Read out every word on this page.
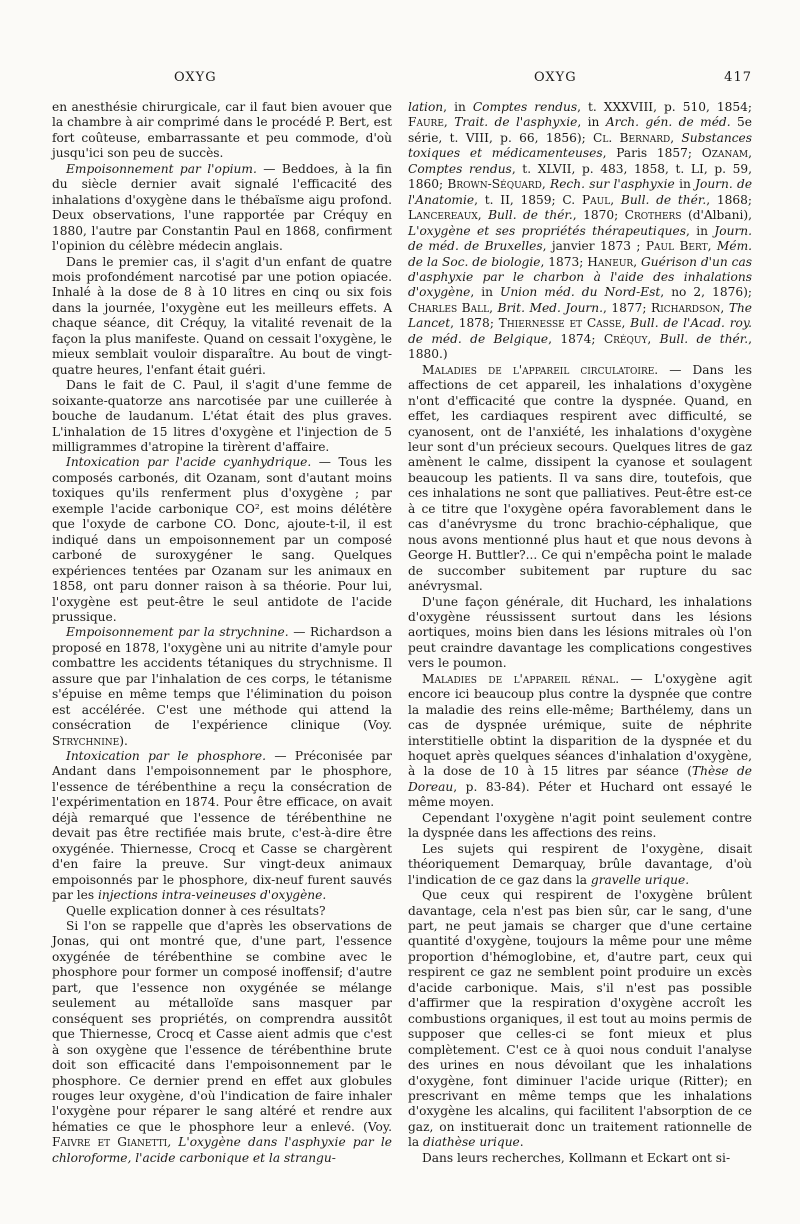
OXYG	OXYG	417

en anesthésie chirurgicale, car il faut bien avouer que la chambre à air comprimé dans le procédé P. Bert, est fort coûteuse, embarrassante et peu commode, d'où jusqu'ici son peu de succès.

Empoisonnement par l'opium. — Beddoes, à la fin du siècle dernier avait signalé l'efficacité des inhalations d'oxygène dans le thébaïsme aigu profond. Deux observations, l'une rapportée par Créquy en 1880, l'autre par Constantin Paul en 1868, confirment l'opinion du célèbre médecin anglais.

Dans le premier cas, il s'agit d'un enfant de quatre mois profondément narcotisé par une potion opiacée. Inhalé à la dose de 8 à 10 litres en cinq ou six fois dans la journée, l'oxygène eut les meilleurs effets. A chaque séance, dit Créquy, la vitalité revenait de la façon la plus manifeste. Quand on cessait l'oxygène, le mieux semblait vouloir disparaître. Au bout de vingt-quatre heures, l'enfant était guéri.

Dans le fait de C. Paul, il s'agit d'une femme de soixante-quatorze ans narcotisée par une cuillerée à bouche de laudanum. L'état était des plus graves. L'inhalation de 15 litres d'oxygène et l'injection de 5 milligrammes d'atropine la tirèrent d'affaire.

Intoxication par l'acide cyanhydrique. — Tous les composés carbonés, dit Ozanam, sont d'autant moins toxiques qu'ils renferment plus d'oxygène ; par exemple l'acide carbonique CO², est moins délétère que l'oxyde de carbone CO. Donc, ajoute-t-il, il est indiqué dans un empoisonnement par un composé carboné de suroxygéner le sang. Quelques expériences tentées par Ozanam sur les animaux en 1858, ont paru donner raison à sa théorie. Pour lui, l'oxygène est peut-être le seul antidote de l'acide prussique.

Empoisonnement par la strychnine. — Richardson a proposé en 1878, l'oxygène uni au nitrite d'amyle pour combattre les accidents tétaniques du strychnisme. Il assure que par l'inhalation de ces corps, le tétanisme s'épuise en même temps que l'élimination du poison est accélérée. C'est une méthode qui attend la consécration de l'expérience clinique (Voy. Strychnine).

Intoxication par le phosphore. — Préconisée par Andant dans l'empoisonnement par le phosphore, l'essence de térébenthine a reçu la consécration de l'expérimentation en 1874. Pour être efficace, on avait déjà remarqué que l'essence de térébenthine ne devait pas être rectifiée mais brute, c'est-à-dire être oxygénée. Thiernesse, Crocq et Casse se chargèrent d'en faire la preuve. Sur vingt-deux animaux empoisonnés par le phosphore, dix-neuf furent sauvés par les injections intra-veineuses d'oxygène.

Quelle explication donner à ces résultats?

Si l'on se rappelle que d'après les observations de Jonas, qui ont montré que, d'une part, l'essence oxygénée de térébenthine se combine avec le phosphore pour former un composé inoffensif; d'autre part, que l'essence non oxygénée se mélange seulement au métalloïde sans masquer par conséquent ses propriétés, on comprendra aussitôt que Thiernesse, Crocq et Casse aient admis que c'est à son oxygène que l'essence de térébenthine brute doit son efficacité dans l'empoisonnement par le phosphore. Ce dernier prend en effet aux globules rouges leur oxygène, d'où l'indication de faire inhaler l'oxygène pour réparer le sang altéré et rendre aux hématies ce que le phosphore leur a enlevé. (Voy. Faivre et Gianetti, L'oxygène dans l'asphyxie par le chloroforme, l'acide carbonique et la strangu-

lation, in Comptes rendus, t. XXXVIII, p. 510, 1854; Faure, Trait. de l'asphyxie, in Arch. gén. de méd. 5e série, t. VIII, p. 66, 1856); Cl. Bernard, Substances toxiques et médicamenteuses, Paris 1857; Ozanam, Comptes rendus, t. XLVII, p. 483, 1858, t. LI, p. 59, 1860; Brown-Séquard, Rech. sur l'asphyxie in Journ. de l'Anatomie, t. II, 1859; C. Paul, Bull. de thér., 1868; Lancereaux, Bull. de thér., 1870; Crothers (d'Albani), L'oxygène et ses propriétés thérapeutiques, in Journ. de méd. de Bruxelles, janvier 1873 ; Paul Bert, Mém. de la Soc. de biologie, 1873; Haneur, Guérison d'un cas d'asphyxie par le charbon à l'aide des inhalations d'oxygène, in Union méd. du Nord-Est, no 2, 1876); Charles Ball, Brit. Med. Journ., 1877; Richardson, The Lancet, 1878; Thiernesse et Casse, Bull. de l'Acad. roy. de méd. de Belgique, 1874; Créquy, Bull. de thér., 1880.)

Maladies de l'appareil circulatoire. — Dans les affections de cet appareil, les inhalations d'oxygène n'ont d'efficacité que contre la dyspnée. Quand, en effet, les cardiaques respirent avec difficulté, se cyanosent, ont de l'anxiété, les inhalations d'oxygène leur sont d'un précieux secours. Quelques litres de gaz amènent le calme, dissipent la cyanose et soulagent beaucoup les patients. Il va sans dire, toutefois, que ces inhalations ne sont que palliatives. Peut-être est-ce à ce titre que l'oxygène opéra favorablement dans le cas d'anévrysme du tronc brachio-céphalique, que nous avons mentionné plus haut et que nous devons à George H. Buttler?... Ce qui n'empêcha point le malade de succomber subitement par rupture du sac anévrysmal.

D'une façon générale, dit Huchard, les inhalations d'oxygène réussissent surtout dans les lésions aortiques, moins bien dans les lésions mitrales où l'on peut craindre davantage les complications congestives vers le poumon.

Maladies de l'appareil rénal. — L'oxygène agit encore ici beaucoup plus contre la dyspnée que contre la maladie des reins elle-même; Barthélemy, dans un cas de dyspnée urémique, suite de néphrite interstitielle obtint la disparition de la dyspnée et du hoquet après quelques séances d'inhalation d'oxygène, à la dose de 10 à 15 litres par séance (Thèse de Doreau, p. 83-84). Péter et Huchard ont essayé le même moyen.

Cependant l'oxygène n'agit point seulement contre la dyspnée dans les affections des reins.

Les sujets qui respirent de l'oxygène, disait théoriquement Demarquay, brûle davantage, d'où l'indication de ce gaz dans la gravelle urique.

Que ceux qui respirent de l'oxygène brûlent davantage, cela n'est pas bien sûr, car le sang, d'une part, ne peut jamais se charger que d'une certaine quantité d'oxygène, toujours la même pour une même proportion d'hémoglobine, et, d'autre part, ceux qui respirent ce gaz ne semblent point produire un excès d'acide carbonique. Mais, s'il n'est pas possible d'affirmer que la respiration d'oxygène accroît les combustions organiques, il est tout au moins permis de supposer que celles-ci se font mieux et plus complètement. C'est ce à quoi nous conduit l'analyse des urines en nous dévoilant que les inhalations d'oxygène, font diminuer l'acide urique (Ritter); en prescrivant en même temps que les inhalations d'oxygène les alcalins, qui facilitent l'absorption de ce gaz, on instituerait donc un traitement rationnelle de la diathèse urique.

Dans leurs recherches, Kollmann et Eckart ont si-
